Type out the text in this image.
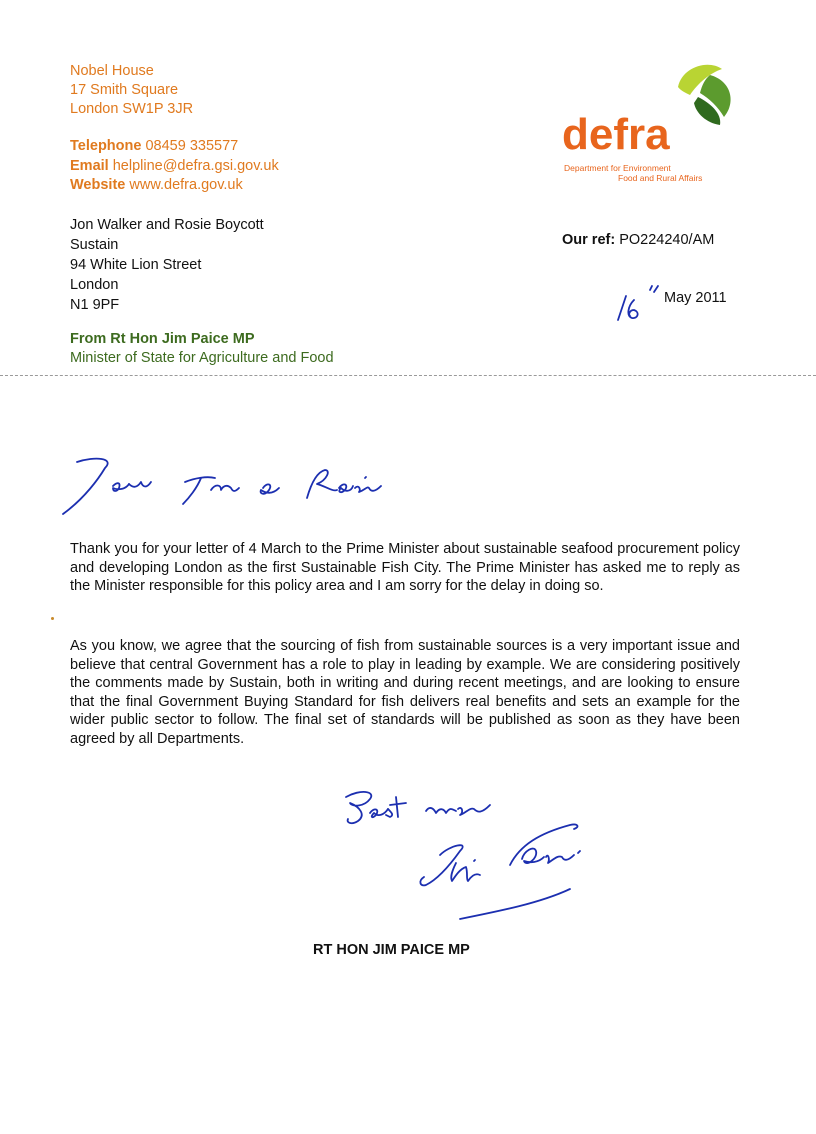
Nobel House
17 Smith Square
London SW1P 3JR
Telephone 08459 335577
Email helpline@defra.gsi.gov.uk
Website www.defra.gov.uk
defra
Department for Environment
Food and Rural Affairs
Jon Walker and Rosie Boycott
Sustain
94 White Lion Street
London
N1 9PF
Our ref: PO224240/AM
May 2011
From Rt Hon Jim Paice MP
Minister of State for Agriculture and Food
Thank you for your letter of 4 March to the Prime Minister about sustainable seafood procurement policy and developing London as the first Sustainable Fish City. The Prime Minister has asked me to reply as the Minister responsible for this policy area and I am sorry for the delay in doing so.
As you know, we agree that the sourcing of fish from sustainable sources is a very important issue and believe that central Government has a role to play in leading by example. We are considering positively the comments made by Sustain, both in writing and during recent meetings, and are looking to ensure that the final Government Buying Standard for fish delivers real benefits and sets an example for the wider public sector to follow. The final set of standards will be published as soon as they have been agreed by all Departments.
RT HON JIM PAICE MP
